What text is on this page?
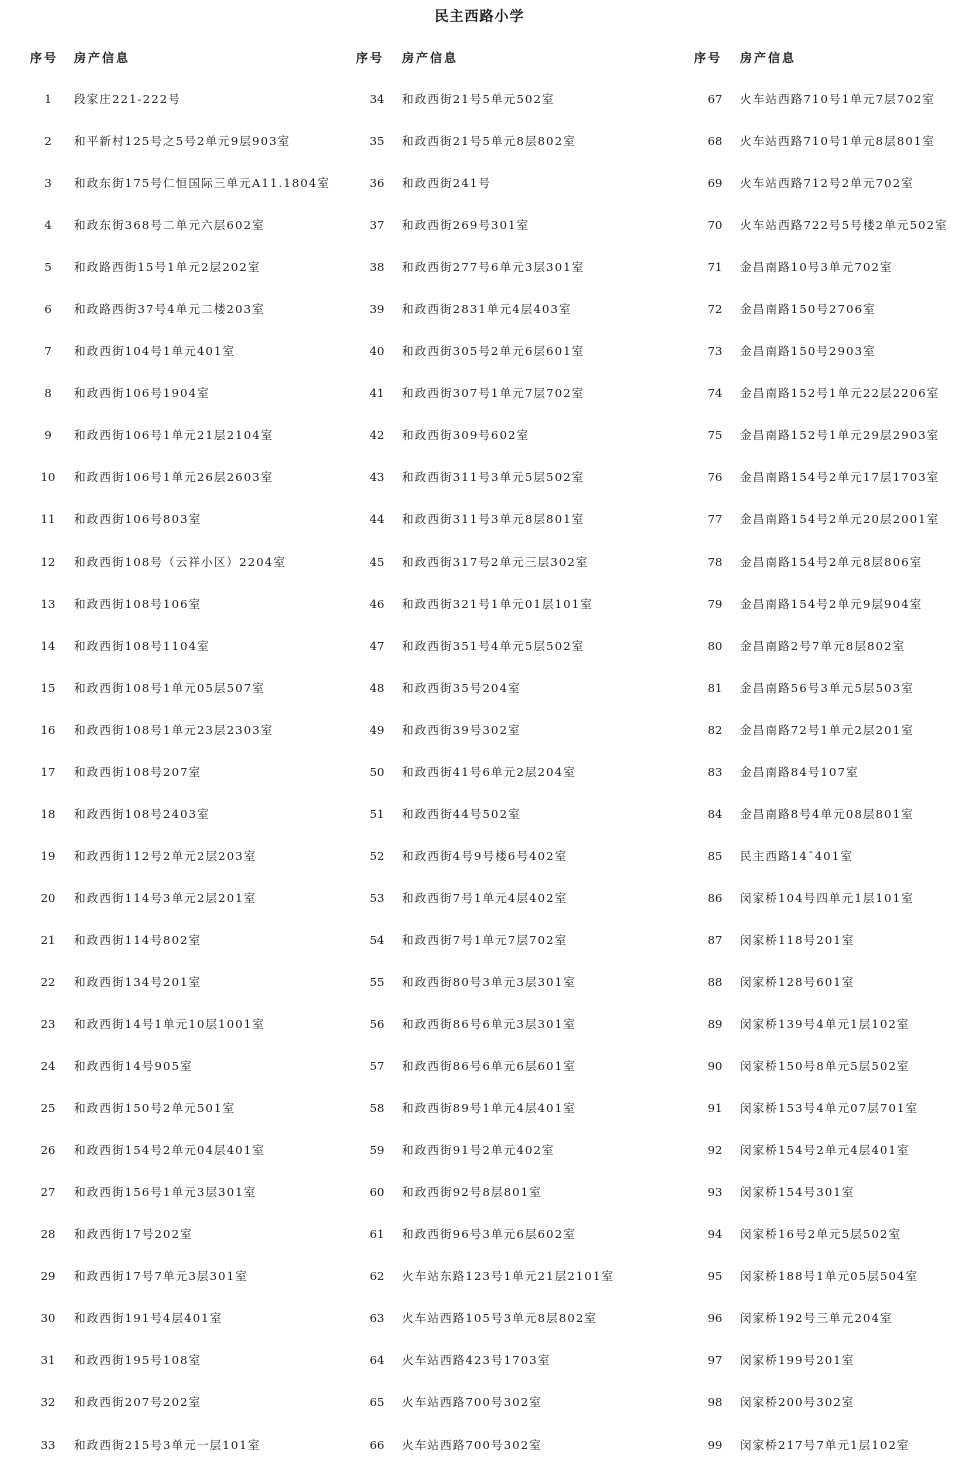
民主西路小学
序号	房产信息
1	段家庄221-222号
2	和平新村125号之5号2单元9层903室
3	和政东街175号仁恒国际三单元A11.1804室
4	和政东街368号二单元六层602室
5	和政路西街15号1单元2层202室
6	和政路西街37号4单元二楼203室
7	和政西街104号1单元401室
8	和政西街106号1904室
9	和政西街106号1单元21层2104室
10	和政西街106号1单元26层2603室
11	和政西街106号803室
12	和政西街108号（云祥小区）2204室
13	和政西街108号106室
14	和政西街108号1104室
15	和政西街108号1单元05层507室
16	和政西街108号1单元23层2303室
17	和政西街108号207室
18	和政西街108号2403室
19	和政西街112号2单元2层203室
20	和政西街114号3单元2层201室
21	和政西街114号802室
22	和政西街134号201室
23	和政西街14号1单元10层1001室
24	和政西街14号905室
25	和政西街150号2单元501室
26	和政西街154号2单元04层401室
27	和政西街156号1单元3层301室
28	和政西街17号202室
29	和政西街17号7单元3层301室
30	和政西街191号4层401室
31	和政西街195号108室
32	和政西街207号202室
33	和政西街215号3单元一层101室
序号	房产信息
34	和政西街21号5单元502室
35	和政西街21号5单元8层802室
36	和政西街241号
37	和政西街269号301室
38	和政西街277号6单元3层301室
39	和政西街2831单元4层403室
40	和政西街305号2单元6层601室
41	和政西街307号1单元7层702室
42	和政西街309号602室
43	和政西街311号3单元5层502室
44	和政西街311号3单元8层801室
45	和政西街317号2单元三层302室
46	和政西街321号1单元01层101室
47	和政西街351号4单元5层502室
48	和政西街35号204室
49	和政西街39号302室
50	和政西街41号6单元2层204室
51	和政西街44号502室
52	和政西街4号9号楼6号402室
53	和政西街7号1单元4层402室
54	和政西街7号1单元7层702室
55	和政西街80号3单元3层301室
56	和政西街86号6单元3层301室
57	和政西街86号6单元6层601室
58	和政西街89号1单元4层401室
59	和政西街91号2单元402室
60	和政西街92号8层801室
61	和政西街96号3单元6层602室
62	火车站东路123号1单元21层2101室
63	火车站西路105号3单元8层802室
64	火车站西路423号1703室
65	火车站西路700号302室
66	火车站西路700号302室
序号	房产信息
67	火车站西路710号1单元7层702室
68	火车站西路710号1单元8层801室
69	火车站西路712号2单元702室
70	火车站西路722号5号楼2单元502室
71	金昌南路10号3单元702室
72	金昌南路150号2706室
73	金昌南路150号2903室
74	金昌南路152号1单元22层2206室
75	金昌南路152号1单元29层2903室
76	金昌南路154号2单元17层1703室
77	金昌南路154号2单元20层2001室
78	金昌南路154号2单元8层806室
79	金昌南路154号2单元9层904室
80	金昌南路2号7单元8层802室
81	金昌南路56号3单元5层503室
82	金昌南路72号1单元2层201室
83	金昌南路84号107室
84	金昌南路8号4单元08层801室
85	民主西路14ˉ401室
86	闵家桥104号四单元1层101室
87	闵家桥118号201室
88	闵家桥128号601室
89	闵家桥139号4单元1层102室
90	闵家桥150号8单元5层502室
91	闵家桥153号4单元07层701室
92	闵家桥154号2单元4层401室
93	闵家桥154号301室
94	闵家桥16号2单元5层502室
95	闵家桥188号1单元05层504室
96	闵家桥192号三单元204室
97	闵家桥199号201室
98	闵家桥200号302室
99	闵家桥217号7单元1层102室
